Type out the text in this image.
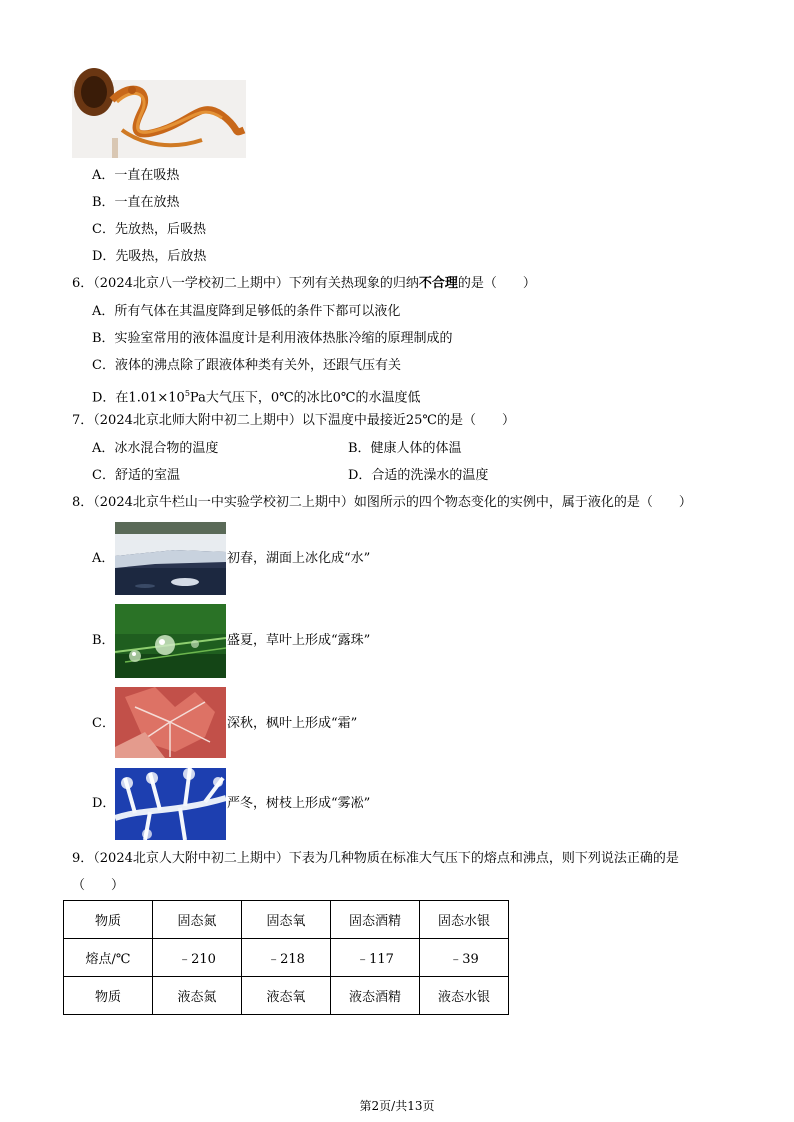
A．一直在吸热
B．一直在放热
C．先放热，后吸热
D．先吸热，后放热
6．（2024北京八一学校初二上期中）下列有关热现象的归纳不合理的是（　　）
A．所有气体在其温度降到足够低的条件下都可以液化
B．实验室常用的液体温度计是利用液体热胀冷缩的原理制成的
C．液体的沸点除了跟液体种类有关外，还跟气压有关
D．在$1.01\times 10^5Pa$大气压下，0℃的冰比0℃的水温度低
7．（2024北京北师大附中初二上期中）以下温度中最接近25℃的是（　　）
A．冰水混合物的温度	B．健康人体的体温
C．舒适的室温	D．合适的洗澡水的温度
8．（2024北京牛栏山一中实验学校初二上期中）如图所示的四个物态变化的实例中，属于液化的是（　　）
A．	初春，湖面上冰化成“水”
B．	盛夏，草叶上形成“露珠”
C．	深秋，枫叶上形成“霜”
D．	严冬，树枝上形成“雾凇”
9．（2024北京人大附中初二上期中）下表为几种物质在标准大气压下的熔点和沸点，则下列说法正确的是
（　　）
物质	固态氮	固态氧	固态酒精	固态水银
熔点/℃	﹣210	﹣218	﹣117	﹣39
物质	液态氮	液态氧	液态酒精	液态水银
第2页/共13页
